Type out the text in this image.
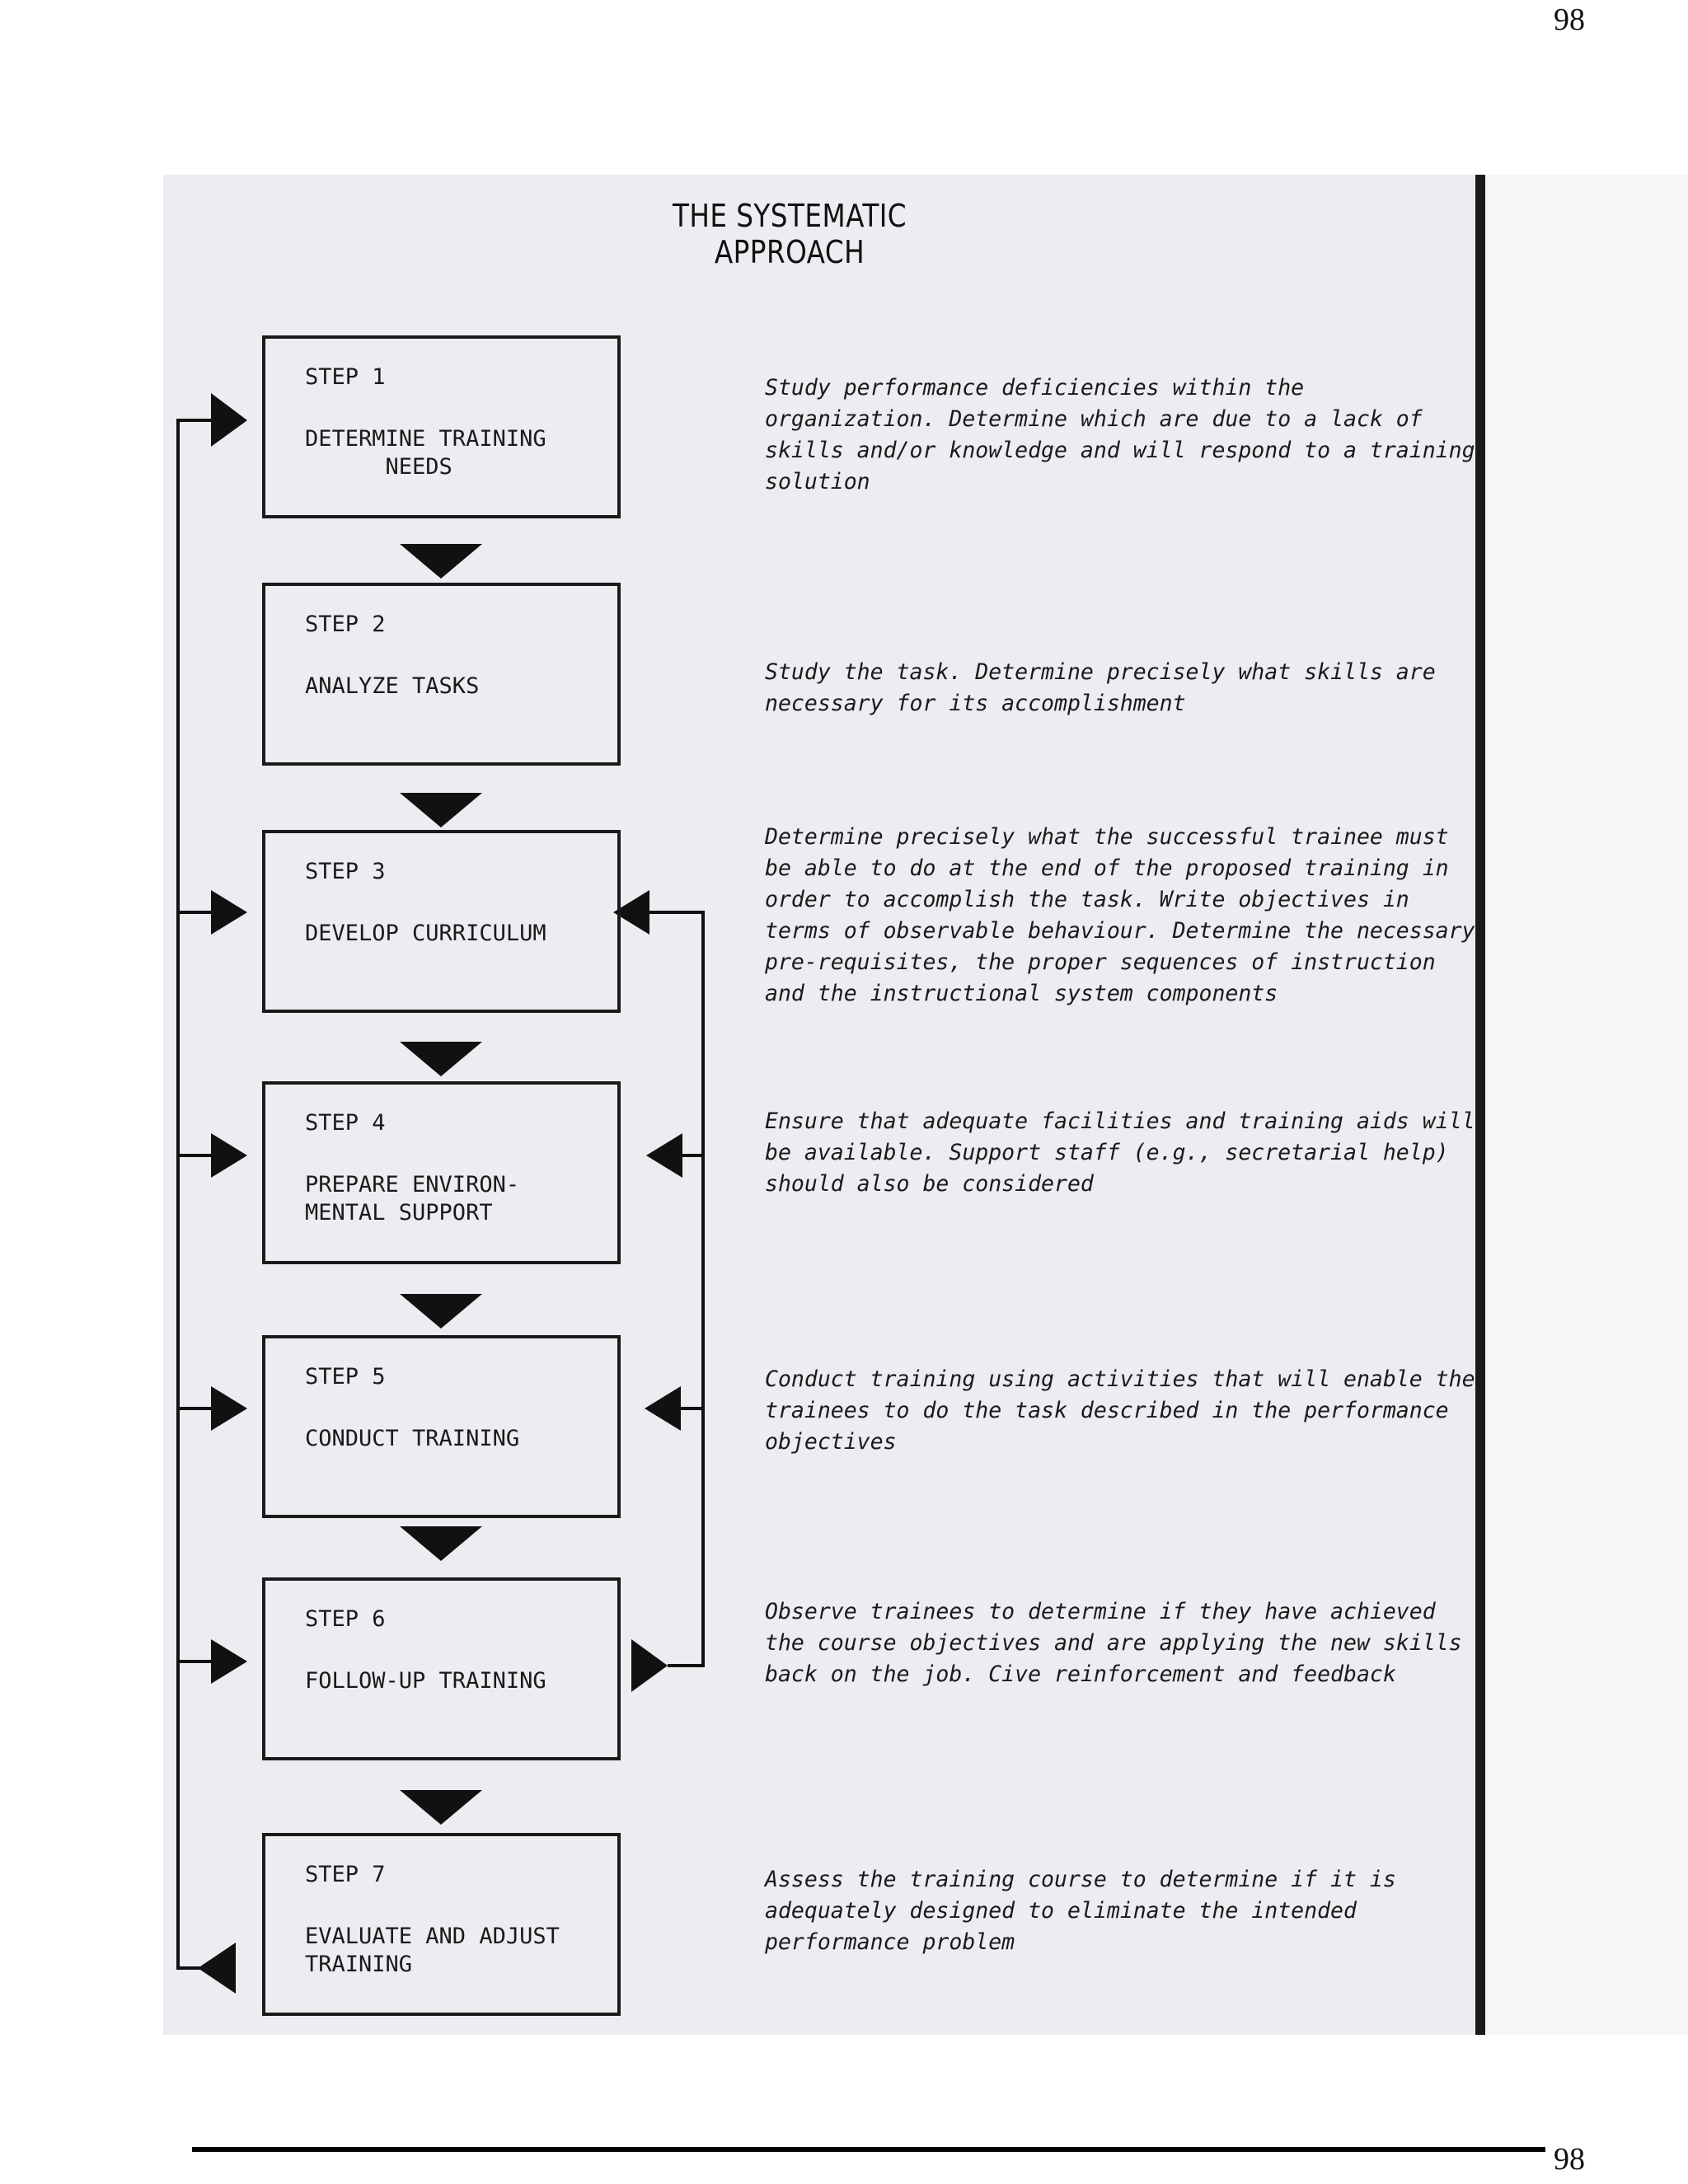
98
THE SYSTEMATIC APPROACH
STEP 1
DETERMINE TRAINING
NEEDS
STEP 2
ANALYZE TASKS
STEP 3
DEVELOP CURRICULUM
STEP 4
PREPARE ENVIRON-
MENTAL SUPPORT
STEP 5
CONDUCT TRAINING
STEP 6
FOLLOW-UP TRAINING
STEP 7
EVALUATE AND ADJUST
TRAINING
Study performance deficiencies within the organization. Determine which are due to a lack of skills and/or knowledge and will respond to a training solution
Study the task. Determine precisely what skills are necessary for its accomplishment
Determine precisely what the successful trainee must be able to do at the end of the proposed training in order to accomplish the task. Write objectives in terms of observable behaviour. Determine the necessary pre-requisites, the proper sequences of instruction and the instructional system components
Ensure that adequate facilities and training aids will be available. Support staff (e.g., secretarial help) should also be considered
Conduct training using activities that will enable the trainees to do the task described in the performance objectives
Observe trainees to determine if they have achieved the course objectives and are applying the new skills back on the job. Cive reinforcement and feedback
Assess the training course to determine if it is adequately designed to eliminate the intended performance problem
98
